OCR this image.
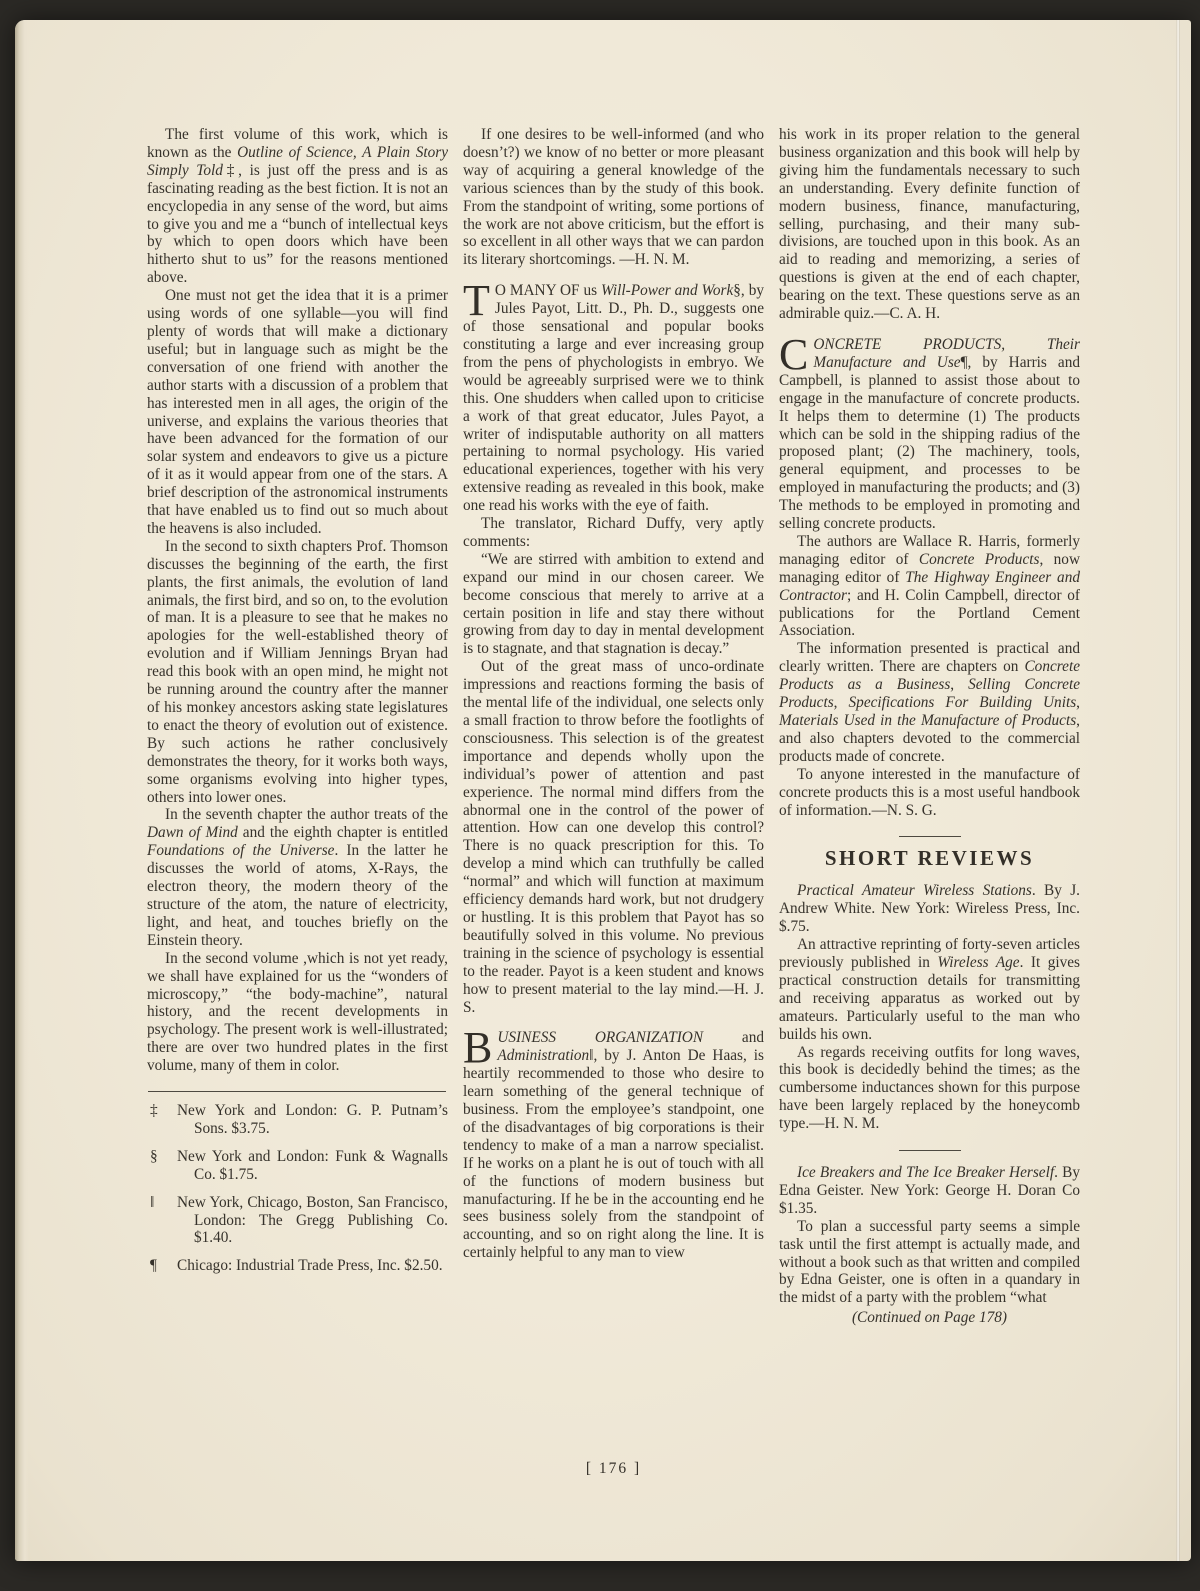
The first volume of this work, which is known as the Outline of Science, A Plain Story Simply Told‡, is just off the press and is as fascinating reading as the best fiction. It is not an encyclopedia in any sense of the word, but aims to give you and me a “bunch of intellectual keys by which to open doors which have been hitherto shut to us” for the reasons mentioned above.

One must not get the idea that it is a primer using words of one syllable—you will find plenty of words that will make a dictionary useful; but in language such as might be the conversation of one friend with another the author starts with a discussion of a problem that has interested men in all ages, the origin of the universe, and explains the various theories that have been advanced for the formation of our solar system and endeavors to give us a picture of it as it would appear from one of the stars. A brief description of the astronomical instruments that have enabled us to find out so much about the heavens is also included.

In the second to sixth chapters Prof. Thomson discusses the beginning of the earth, the first plants, the first animals, the evolution of land animals, the first bird, and so on, to the evolution of man. It is a pleasure to see that he makes no apologies for the well-established theory of evolution and if William Jennings Bryan had read this book with an open mind, he might not be running around the country after the manner of his monkey ancestors asking state legislatures to enact the theory of evolution out of existence. By such actions he rather conclusively demonstrates the theory, for it works both ways, some organisms evolving into higher types, others into lower ones.

In the seventh chapter the author treats of the Dawn of Mind and the eighth chapter is entitled Foundations of the Universe. In the latter he discusses the world of atoms, X-Rays, the electron theory, the modern theory of the structure of the atom, the nature of electricity, light, and heat, and touches briefly on the Einstein theory.

In the second volume ,which is not yet ready, we shall have explained for us the “wonders of microscopy,” “the body-machine”, natural history, and the recent developments in psychology. The present work is well-illustrated; there are over two hundred plates in the first volume, many of them in color.

‡	New York and London: G. P. Putnam’s Sons. $3.75.

§	New York and London: Funk & Wagnalls Co. $1.75.

‖	New York, Chicago, Boston, San Francisco, London: The Gregg Publishing Co. $1.40.

¶	Chicago: Industrial Trade Press, Inc. $2.50.

If one desires to be well-informed (and who doesn’t?) we know of no better or more pleasant way of acquiring a general knowledge of the various sciences than by the study of this book. From the standpoint of writing, some portions of the work are not above criticism, but the effort is so excellent in all other ways that we can pardon its literary shortcomings. —H. N. M.

T O MANY OF us Will-Power and Work§, by Jules Payot, Litt. D., Ph. D., suggests one of those sensational and popular books constituting a large and ever increasing group from the pens of phychologists in embryo. We would be agreeably surprised were we to think this. One shudders when called upon to criticise a work of that great educator, Jules Payot, a writer of indisputable authority on all matters pertaining to normal psychology. His varied educational experiences, together with his very extensive reading as revealed in this book, make one read his works with the eye of faith.

The translator, Richard Duffy, very aptly comments:

“We are stirred with ambition to extend and expand our mind in our chosen career. We become conscious that merely to arrive at a certain position in life and stay there without growing from day to day in mental development is to stagnate, and that stagnation is decay.”

Out of the great mass of unco-ordinate impressions and reactions forming the basis of the mental life of the individual, one selects only a small fraction to throw before the footlights of consciousness. This selection is of the greatest importance and depends wholly upon the individual’s power of attention and past experience. The normal mind differs from the abnormal one in the control of the power of attention. How can one develop this control? There is no quack prescription for this. To develop a mind which can truthfully be called “normal” and which will function at maximum efficiency demands hard work, but not drudgery or hustling. It is this problem that Payot has so beautifully solved in this volume. No previous training in the science of psychology is essential to the reader. Payot is a keen student and knows how to present material to the lay mind.—H. J. S.

BUSINESS ORGANIZATION and Administration‖, by J. Anton De Haas, is heartily recommended to those who desire to learn something of the general technique of business. From the employee’s standpoint, one of the disadvantages of big corporations is their tendency to make of a man a narrow specialist. If he works on a plant he is out of touch with all of the functions of modern business but manufacturing. If he be in the accounting end he sees business solely from the standpoint of accounting, and so on right along the line. It is certainly helpful to any man to view

his work in its proper relation to the general business organization and this book will help by giving him the fundamentals necessary to such an understanding. Every definite function of modern business, finance, manufacturing, selling, purchasing, and their many sub-divisions, are touched upon in this book. As an aid to reading and memorizing, a series of questions is given at the end of each chapter, bearing on the text. These questions serve as an admirable quiz.—C. A. H.

CONCRETE PRODUCTS, Their Manufacture and Use¶, by Harris and Campbell, is planned to assist those about to engage in the manufacture of concrete products. It helps them to determine (1) The products which can be sold in the shipping radius of the proposed plant; (2) The machinery, tools, general equipment, and processes to be employed in manufacturing the products; and (3) The methods to be employed in promoting and selling concrete products.

The authors are Wallace R. Harris, formerly managing editor of Concrete Products, now managing editor of The Highway Engineer and Contractor; and H. Colin Campbell, director of publications for the Portland Cement Association.

The information presented is practical and clearly written. There are chapters on Concrete Products as a Business, Selling Concrete Products, Specifications For Building Units, Materials Used in the Manufacture of Products, and also chapters devoted to the commercial products made of concrete.

To anyone interested in the manufacture of concrete products this is a most useful handbook of information.—N. S. G.

SHORT REVIEWS

Practical Amateur Wireless Stations. By J. Andrew White. New York: Wireless Press, Inc. $.75.

An attractive reprinting of forty-seven articles previously published in Wireless Age. It gives practical construction details for transmitting and receiving apparatus as worked out by amateurs. Particularly useful to the man who builds his own.

As regards receiving outfits for long waves, this book is decidedly behind the times; as the cumbersome inductances shown for this purpose have been largely replaced by the honeycomb type.—H. N. M.

Ice Breakers and The Ice Breaker Herself. By Edna Geister. New York: George H. Doran Co $1.35.

To plan a successful party seems a simple task until the first attempt is actually made, and without a book such as that written and compiled by Edna Geister, one is often in a quandary in the midst of a party with the problem “what

(Continued on Page 178)

[ 176 ]
